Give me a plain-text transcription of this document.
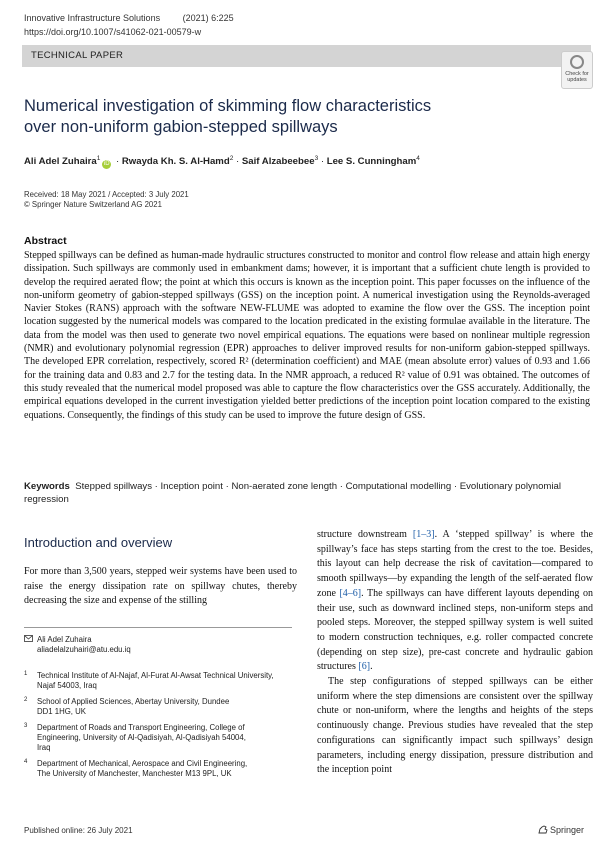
Innovative Infrastructure Solutions	(2021) 6:225
https://doi.org/10.1007/s41062-021-00579-w
TECHNICAL PAPER
Check for updates
Numerical investigation of skimming flow characteristics over non-uniform gabion-stepped spillways
Ali Adel Zuhaira$^1$iD · Rwayda Kh. S. Al-Hamd$^2$ · Saif Alzabeebee$^3$ · Lee S. Cunningham$^4$
Received: 18 May 2021 / Accepted: 3 July 2021
© Springer Nature Switzerland AG 2021
Abstract
Stepped spillways can be defined as human-made hydraulic structures constructed to monitor and control flow release and attain high energy dissipation. Such spillways are commonly used in embankment dams; however, it is important that a sufficient chute length is provided to develop the required aerated flow; the point at which this occurs is known as the inception point. This paper focusses on the influence of the non-uniform geometry of gabion-stepped spillways (GSS) on the inception point. A numerical investigation using the Reynolds-averaged Navier Stokes (RANS) approach with the software NEW-FLUME was adopted to examine the flow over the GSS. The inception point location suggested by the numerical models was compared to the location predicated in the existing formulae available in the literature. The data from the model was then used to generate two novel empirical equations. The equations were based on nonlinear multiple regression (NMR) and evolutionary polynomial regression (EPR) approaches to deliver improved results for non-uniform gabion-stepped spillways. The developed EPR correlation, respectively, scored R² (determination coefficient) and MAE (mean absolute error) values of 0.93 and 1.66 for the training data and 0.83 and 2.7 for the testing data. In the NMR approach, a reduced R² value of 0.91 was obtained. The outcomes of this study revealed that the numerical model proposed was able to capture the flow characteristics over the GSS accurately. Additionally, the empirical equations developed in the current investigation yielded better predictions of the inception point location compared to the existing equations. Consequently, the findings of this study can be used to improve the future design of GSS.
Keywords Stepped spillways · Inception point · Non-aerated zone length · Computational modelling · Evolutionary polynomial regression
Introduction and overview
For more than 3,500 years, stepped weir systems have been used to raise the energy dissipation rate on spillway chutes, thereby decreasing the size and expense of the stilling
Ali Adel Zuhaira
aliadelalzuhairi@atu.edu.iq
1	Technical Institute of Al-Najaf, Al-Furat Al-Awsat Technical University, Najaf 54003, Iraq
2	School of Applied Sciences, Abertay University, Dundee DD1 1HG, UK
3	Department of Roads and Transport Engineering, College of Engineering, University of Al-Qadisiyah, Al-Qadisiyah 54004, Iraq
4	Department of Mechanical, Aerospace and Civil Engineering, The University of Manchester, Manchester M13 9PL, UK

structure downstream [1–3]. A ‘stepped spillway’ is where the spillway’s face has steps starting from the crest to the toe. Besides, this layout can help decrease the risk of cavitation—compared to smooth spillways—by expanding the length of the self-aerated flow zone [4–6]. The spillways can have different layouts depending on their use, such as downward inclined steps, non-uniform steps and pooled steps. Moreover, the stepped spillway system is well suited to modern construction techniques, e.g. roller compacted concrete (depending on step size), pre-cast concrete and hydraulic gabion structures [6].

The step configurations of stepped spillways can be either uniform where the step dimensions are consistent over the spillway chute or non-uniform, where the lengths and heights of the steps continuously change. Previous studies have revealed that the step configurations can significantly impact such spillways’ design parameters, including energy dissipation, pressure distribution and the inception point

Published online: 26 July 2021	Springer
